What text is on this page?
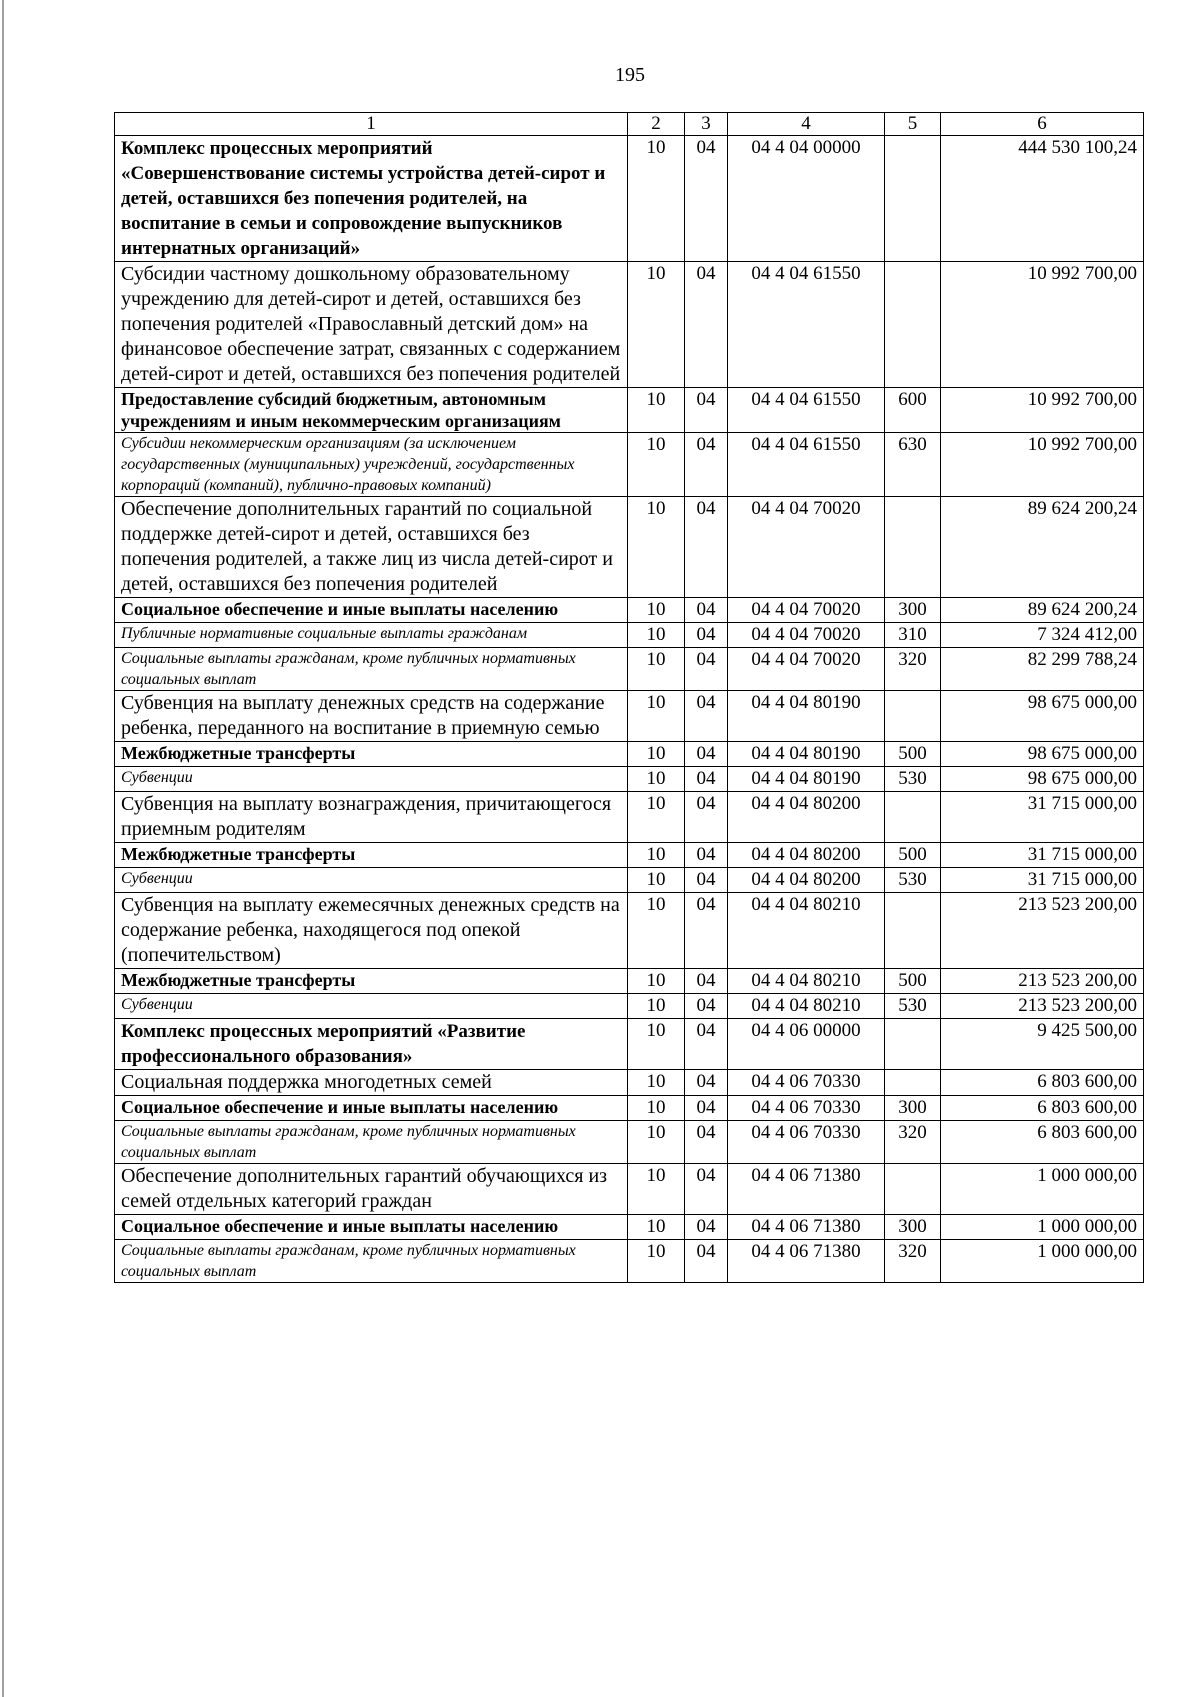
195
1	2	3	4	5	6
Комплекс процессных мероприятий «Совершенствование системы устройства детей-сирот и детей, оставшихся без попечения родителей, на воспитание в семьи и сопровождение выпускников интернатных организаций»	10	04	04 4 04 00000		444 530 100,24
Субсидии частному дошкольному образовательному учреждению для детей-сирот и детей, оставшихся без попечения родителей «Православный детский дом» на финансовое обеспечение затрат, связанных с содержанием детей-сирот и детей, оставшихся без попечения родителей	10	04	04 4 04 61550		10 992 700,00
Предоставление субсидий бюджетным, автономным учреждениям и иным некоммерческим организациям	10	04	04 4 04 61550	600	10 992 700,00
Субсидии некоммерческим организациям (за исключением государственных (муниципальных) учреждений, государственных корпораций (компаний), публично-правовых компаний)	10	04	04 4 04 61550	630	10 992 700,00
Обеспечение дополнительных гарантий по социальной поддержке детей-сирот и детей, оставшихся без попечения родителей, а также лиц из числа детей-сирот и детей, оставшихся без попечения родителей	10	04	04 4 04 70020		89 624 200,24
Социальное обеспечение и иные выплаты населению	10	04	04 4 04 70020	300	89 624 200,24
Публичные нормативные социальные выплаты гражданам	10	04	04 4 04 70020	310	7 324 412,00
Социальные выплаты гражданам, кроме публичных нормативных социальных выплат	10	04	04 4 04 70020	320	82 299 788,24
Субвенция на выплату денежных средств на содержание ребенка, переданного на воспитание в приемную семью	10	04	04 4 04 80190		98 675 000,00
Межбюджетные трансферты	10	04	04 4 04 80190	500	98 675 000,00
Субвенции	10	04	04 4 04 80190	530	98 675 000,00
Субвенция на выплату вознаграждения, причитающегося приемным родителям	10	04	04 4 04 80200		31 715 000,00
Межбюджетные трансферты	10	04	04 4 04 80200	500	31 715 000,00
Субвенции	10	04	04 4 04 80200	530	31 715 000,00
Субвенция на выплату ежемесячных денежных средств на содержание ребенка, находящегося под опекой (попечительством)	10	04	04 4 04 80210		213 523 200,00
Межбюджетные трансферты	10	04	04 4 04 80210	500	213 523 200,00
Субвенции	10	04	04 4 04 80210	530	213 523 200,00
Комплекс процессных мероприятий «Развитие профессионального образования»	10	04	04 4 06 00000		9 425 500,00
Социальная поддержка многодетных семей	10	04	04 4 06 70330		6 803 600,00
Социальное обеспечение и иные выплаты населению	10	04	04 4 06 70330	300	6 803 600,00
Социальные выплаты гражданам, кроме публичных нормативных социальных выплат	10	04	04 4 06 70330	320	6 803 600,00
Обеспечение дополнительных гарантий обучающихся из семей отдельных категорий граждан	10	04	04 4 06 71380		1 000 000,00
Социальное обеспечение и иные выплаты населению	10	04	04 4 06 71380	300	1 000 000,00
Социальные выплаты гражданам, кроме публичных нормативных социальных выплат	10	04	04 4 06 71380	320	1 000 000,00
